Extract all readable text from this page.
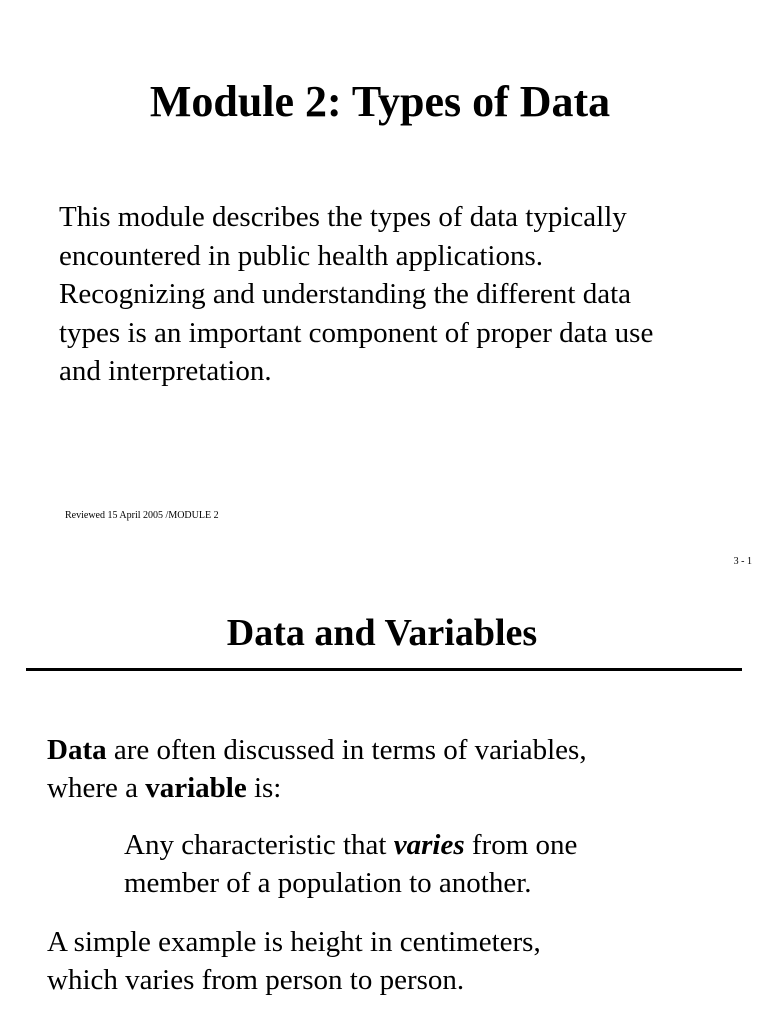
Module 2: Types of Data
This module describes the types of data typically
encountered in public health applications.
Recognizing and understanding the different data
types is an important component of proper data use
and interpretation.
Reviewed 15 April 2005 /MODULE 2
3 - 1
Data and Variables
Data are often discussed in terms of variables,
where a variable is:
Any characteristic that varies from one
member of a population to another.
A simple example is height in centimeters,
which varies from person to person.
